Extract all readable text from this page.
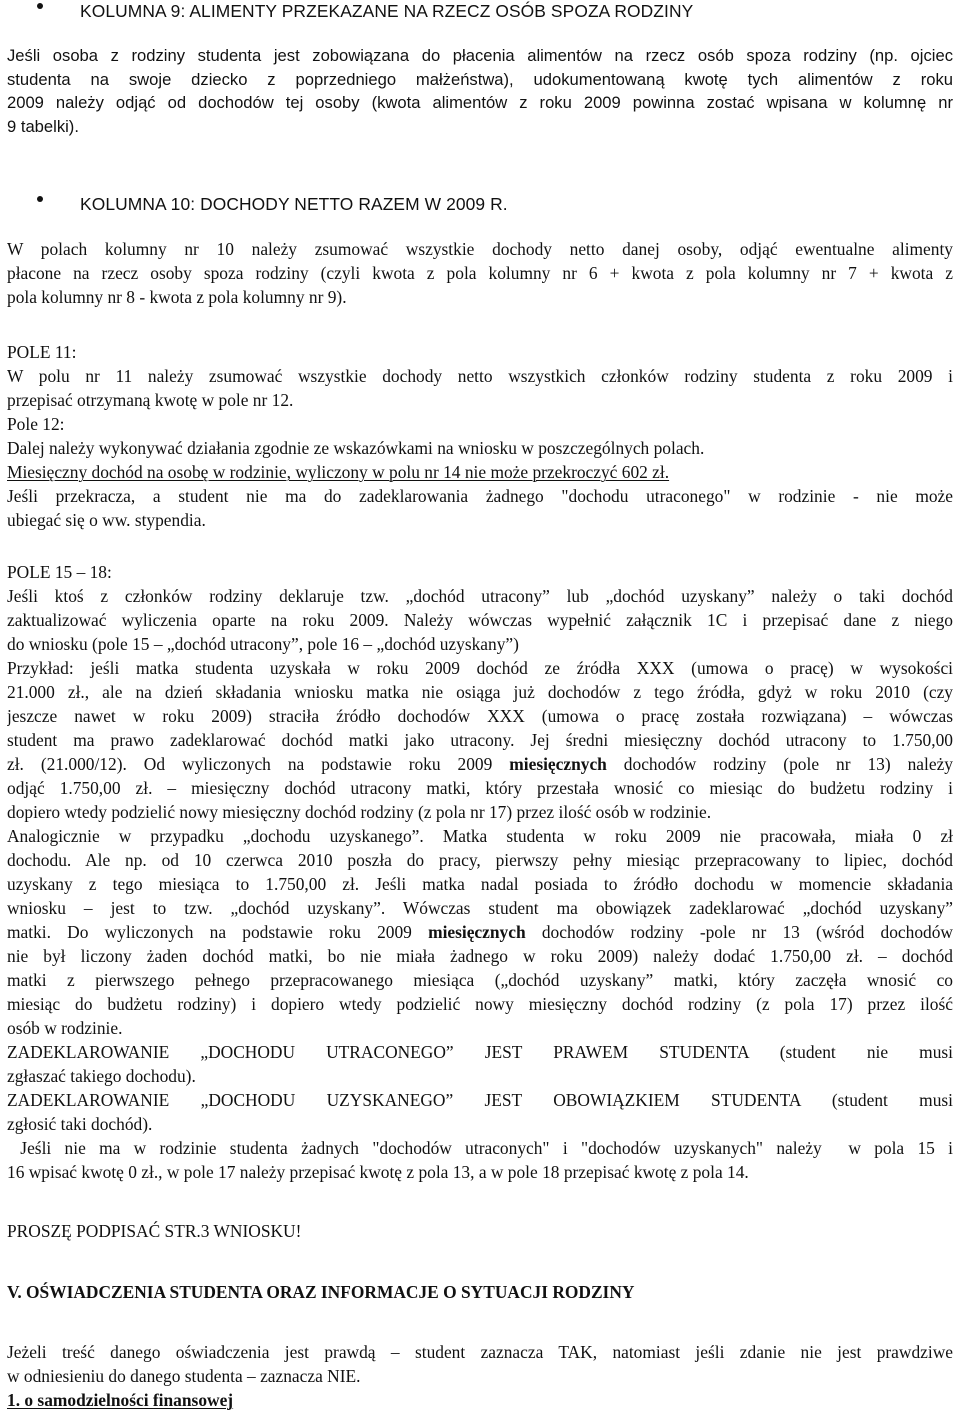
KOLUMNA 9: ALIMENTY PRZEKAZANE NA RZECZ OSÓB SPOZA RODZINY
Jeśli osoba z rodziny studenta jest zobowiązana do płacenia alimentów na rzecz osób spoza rodziny (np. ojciec
studenta na swoje dziecko z poprzedniego małżeństwa), udokumentowaną kwotę tych alimentów z roku
2009 należy odjąć od dochodów tej osoby (kwota alimentów z roku 2009 powinna zostać wpisana w kolumnę nr
9 tabelki).
KOLUMNA 10: DOCHODY NETTO RAZEM W 2009 R.
W polach kolumny nr 10 należy zsumować wszystkie dochody netto danej osoby, odjąć ewentualne alimenty
płacone na rzecz osoby spoza rodziny (czyli kwota z pola kolumny nr 6 + kwota z pola kolumny nr 7 + kwota z
pola kolumny nr 8 - kwota z pola kolumny nr 9).
POLE 11:
W polu nr 11 należy zsumować wszystkie dochody netto wszystkich członków rodziny studenta z roku 2009 i
przepisać otrzymaną kwotę w pole nr 12.
Pole 12:
Dalej należy wykonywać działania zgodnie ze wskazówkami na wniosku w poszczególnych polach.
Miesięczny dochód na osobę w rodzinie, wyliczony w polu nr 14 nie może przekroczyć 602 zł.
Jeśli przekracza, a student nie ma do zadeklarowania żadnego "dochodu utraconego" w rodzinie - nie może
ubiegać się o ww. stypendia.
POLE 15 – 18:
Jeśli ktoś z członków rodziny deklaruje tzw. „dochód utracony” lub „dochód uzyskany” należy o taki dochód
zaktualizować wyliczenia oparte na roku 2009. Należy wówczas wypełnić załącznik 1C i przepisać dane z niego
do wniosku (pole 15 – „dochód utracony”, pole 16 – „dochód uzyskany”)
Przykład: jeśli matka studenta uzyskała w roku 2009 dochód ze źródła XXX (umowa o pracę) w wysokości
21.000 zł., ale na dzień składania wniosku matka nie osiąga już dochodów z tego źródła, gdyż w roku 2010 (czy
jeszcze nawet w roku 2009) straciła źródło dochodów XXX (umowa o pracę została rozwiązana) – wówczas
student ma prawo zadeklarować dochód matki jako utracony. Jej średni miesięczny dochód utracony to 1.750,00
zł. (21.000/12). Od wyliczonych na podstawie roku 2009 miesięcznych dochodów rodziny (pole nr 13) należy
odjąć 1.750,00 zł. – miesięczny dochód utracony matki, który przestała wnosić co miesiąc do budżetu rodziny i
dopiero wtedy podzielić nowy miesięczny dochód rodziny (z pola nr 17) przez ilość osób w rodzinie.
Analogicznie w przypadku „dochodu uzyskanego”. Matka studenta w roku 2009 nie pracowała, miała 0 zł
dochodu. Ale np. od 10 czerwca 2010 poszła do pracy, pierwszy pełny miesiąc przepracowany to lipiec, dochód
uzyskany z tego miesiąca to 1.750,00 zł. Jeśli matka nadal posiada to źródło dochodu w momencie składania
wniosku – jest to tzw. „dochód uzyskany”. Wówczas student ma obowiązek zadeklarować „dochód uzyskany”
matki. Do wyliczonych na podstawie roku 2009 miesięcznych dochodów rodziny -pole nr 13 (wśród dochodów
nie był liczony żaden dochód matki, bo nie miała żadnego w roku 2009) należy dodać 1.750,00 zł. – dochód
matki z pierwszego pełnego przepracowanego miesiąca („dochód uzyskany” matki, który zaczęła wnosić co
miesiąc do budżetu rodziny) i dopiero wtedy podzielić nowy miesięczny dochód rodziny (z pola 17) przez ilość
osób w rodzinie.
ZADEKLAROWANIE „DOCHODU UTRACONEGO” JEST PRAWEM STUDENTA (student nie musi
zgłaszać takiego dochodu).
ZADEKLAROWANIE „DOCHODU UZYSKANEGO” JEST OBOWIĄZKIEM STUDENTA (student musi
zgłosić taki dochód).
Jeśli nie ma w rodzinie studenta żadnych "dochodów utraconych" i "dochodów uzyskanych" należy  w pola 15 i
16 wpisać kwotę 0 zł., w pole 17 należy przepisać kwotę z pola 13, a w pole 18 przepisać kwotę z pola 14.
PROSZĘ PODPISAĆ STR.3 WNIOSKU!
V. OŚWIADCZENIA STUDENTA ORAZ INFORMACJE O SYTUACJI RODZINY
Jeżeli treść danego oświadczenia jest prawdą – student zaznacza TAK, natomiast jeśli zdanie nie jest prawdziwe
w odniesieniu do danego studenta – zaznacza NIE.
1. o samodzielności finansowej
